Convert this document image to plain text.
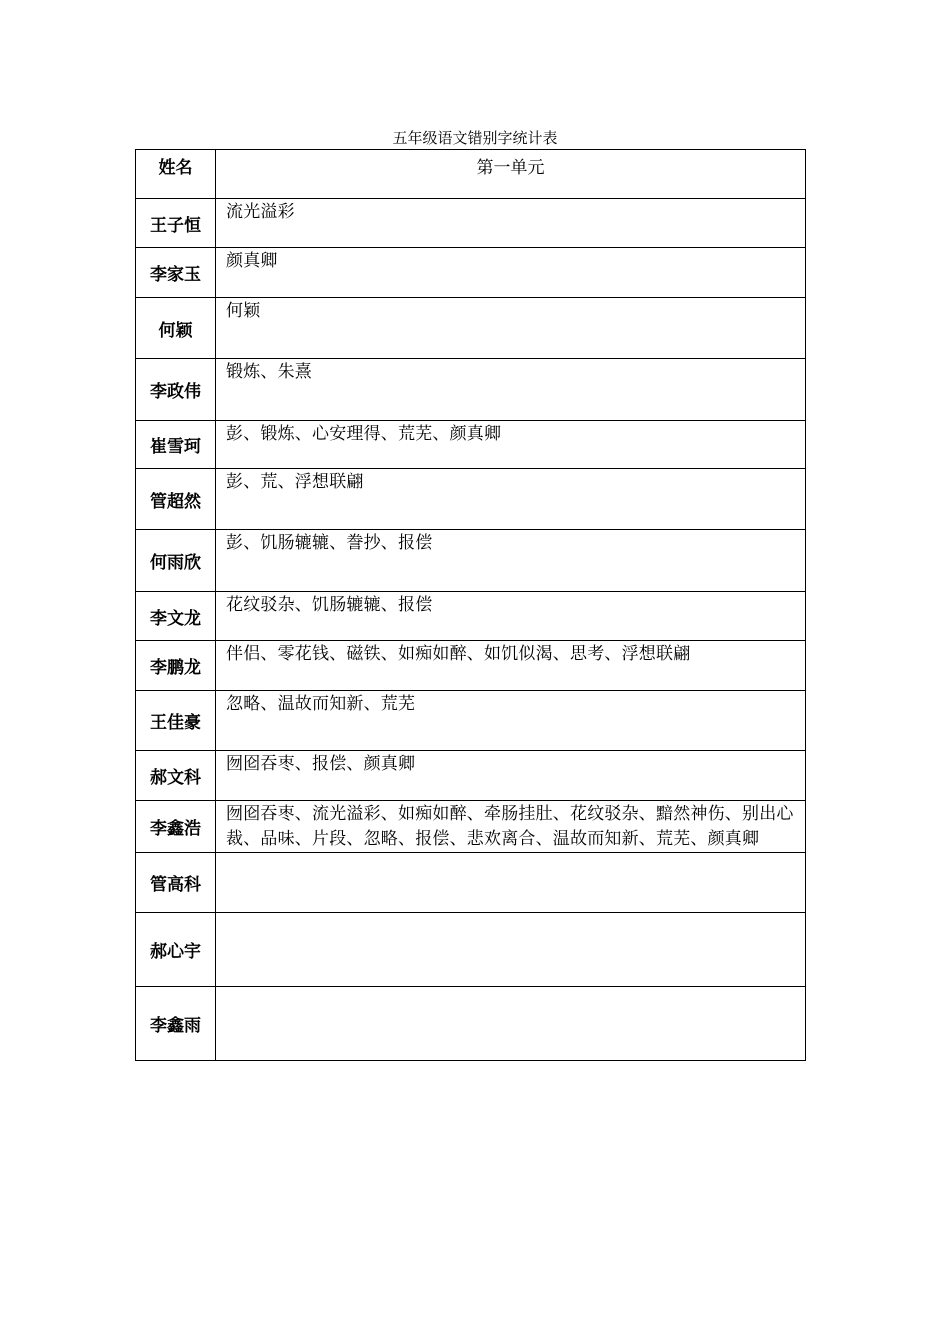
五年级语文错别字统计表
姓名	第一单元
王子恒	流光溢彩
李家玉	颜真卿
何颖	何颖
李政伟	锻炼、朱熹
崔雪珂	彭、锻炼、心安理得、荒芜、颜真卿
管超然	彭、荒、浮想联翩
何雨欣	彭、饥肠辘辘、誊抄、报偿
李文龙	花纹驳杂、饥肠辘辘、报偿
李鹏龙	伴侣、零花钱、磁铁、如痴如醉、如饥似渴、思考、浮想联翩
王佳豪	忽略、温故而知新、荒芜
郝文科	囫囵吞枣、报偿、颜真卿
李鑫浩	囫囵吞枣、流光溢彩、如痴如醉、牵肠挂肚、花纹驳杂、黯然神伤、别出心裁、品味、片段、忽略、报偿、悲欢离合、温故而知新、荒芜、颜真卿
管高科	
郝心宇	
李鑫雨	
